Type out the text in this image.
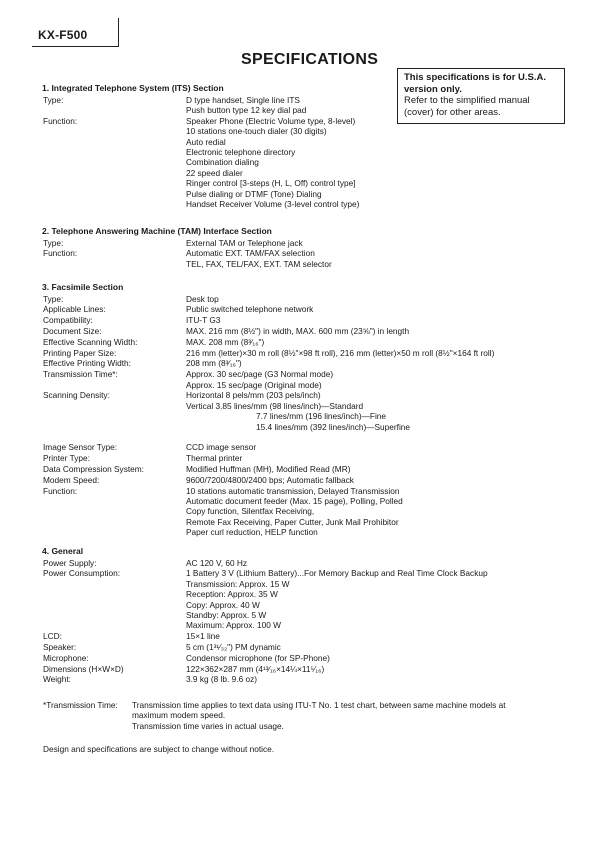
KX-F500
SPECIFICATIONS
This specifications is for U.S.A.
version only.
Refer to the simplified manual
(cover) for other areas.
1. Integrated Telephone System (ITS) Section
Type:	D type handset, Single line ITS
Push button type 12 key dial pad
Function:	Speaker Phone (Electric Volume type, 8-level)
10 stations one-touch dialer (30 digits)
Auto redial
Electronic telephone directory
Combination dialing
22 speed dialer
Ringer control [3-steps (H, L, Off) control type]
Pulse dialing or DTMF (Tone) Dialing
Handset Receiver Volume (3-level control type)
2. Telephone Answering Machine (TAM) Interface Section
Type:	External TAM or Telephone jack
Function:	Automatic EXT. TAM/FAX selection
TEL, FAX, TEL/FAX, EXT. TAM selector
3. Facsimile Section
Type:	Desk top
Applicable Lines:	Public switched telephone network
Compatibility:	ITU-T G3
Document Size:	MAX. 216 mm (8½") in width, MAX. 600 mm (23⅝") in length
Effective Scanning Width:	MAX. 208 mm (8³⁄₁₆")
Printing Paper Size:	216 mm (letter)×30 m roll (8½"×98 ft roll), 216 mm (letter)×50 m roll (8½"×164 ft roll)
Effective Printing Width:	208 mm (8³⁄₁₆")
Transmission Time*:	Approx. 30 sec/page (G3 Normal mode)
Approx. 15 sec/page (Original mode)
Scanning Density:	Horizontal 8 pels/mm (203 pels/inch)
Vertical 3.85 lines/mm (98 lines/inch)—Standard
7.7 lines/mm (196 lines/inch)—Fine
15.4 lines/mm (392 lines/inch)—Superfine
Image Sensor Type:	CCD image sensor
Printer Type:	Thermal printer
Data Compression System:	Modified Huffman (MH), Modified Read (MR)
Modem Speed:	9600/7200/4800/2400 bps; Automatic fallback
Function:	10 stations automatic transmission, Delayed Transmission
Automatic document feeder (Max. 15 page), Polling, Polled
Copy function, Silentfax Receiving,
Remote Fax Receiving, Paper Cutter, Junk Mail Prohibitor
Paper curl reduction, HELP function
4. General
Power Supply:	AC 120 V, 60 Hz
Power Consumption:	1 Battery 3 V (Lithium Battery)...For Memory Backup and Real Time Clock Backup
Transmission: Approx. 15 W
Reception: Approx. 35 W
Copy: Approx. 40 W
Standby: Approx. 5 W
Maximum: Approx. 100 W
LCD:	15×1 line
Speaker:	5 cm (1³¹⁄₃₂") PM dynamic
Microphone:	Condensor microphone (for SP-Phone)
Dimensions (H×W×D)	122×362×287 mm (4¹³⁄₁₆×14¼×11⁵⁄₁₆)
Weight:	3.9 kg (8 lb. 9.6 oz)
*Transmission Time: Transmission time applies to text data using ITU-T No. 1 test chart, between same machine models at
maximum modem speed.
Transmission time varies in actual usage.
Design and specifications are subject to change without notice.
